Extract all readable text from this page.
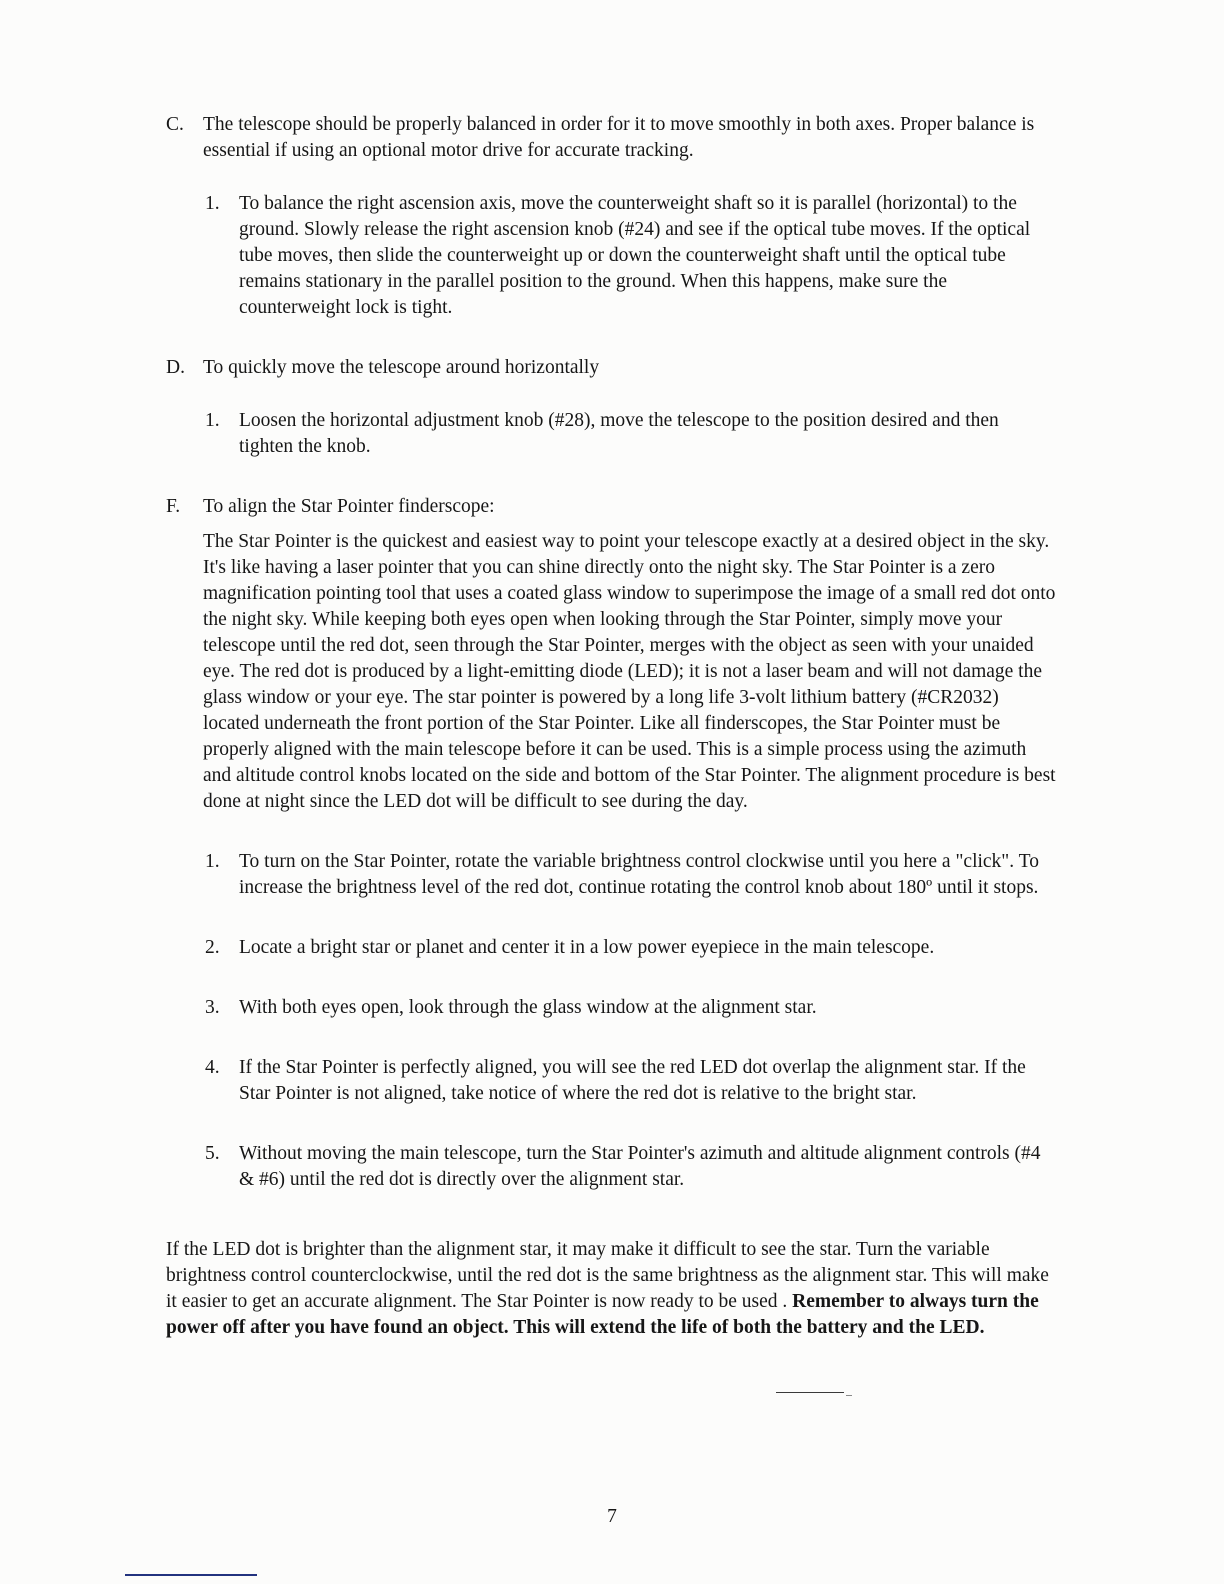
C. The telescope should be properly balanced in order for it to move smoothly in both axes. Proper balance is essential if using an optional motor drive for accurate tracking.
1. To balance the right ascension axis, move the counterweight shaft so it is parallel (horizontal) to the ground. Slowly release the right ascension knob (#24) and see if the optical tube moves. If the optical tube moves, then slide the counterweight up or down the counterweight shaft until the optical tube remains stationary in the parallel position to the ground. When this happens, make sure the counterweight lock is tight.
D. To quickly move the telescope around horizontally
1. Loosen the horizontal adjustment knob (#28), move the telescope to the position desired and then tighten the knob.
F.	To align the Star Pointer finderscope:

The Star Pointer is the quickest and easiest way to point your telescope exactly at a desired object in the sky. It's like having a laser pointer that you can shine directly onto the night sky. The Star Pointer is a zero magnification pointing tool that uses a coated glass window to superimpose the image of a small red dot onto the night sky. While keeping both eyes open when looking through the Star Pointer, simply move your telescope until the red dot, seen through the Star Pointer, merges with the object as seen with your unaided eye. The red dot is produced by a light-emitting diode (LED); it is not a laser beam and will not damage the glass window or your eye. The star pointer is powered by a long life 3-volt lithium battery (#CR2032) located underneath the front portion of the Star Pointer. Like all finderscopes, the Star Pointer must be properly aligned with the main telescope before it can be used. This is a simple process using the azimuth and altitude control knobs located on the side and bottom of the Star Pointer. The alignment procedure is best done at night since the LED dot will be difficult to see during the day.

1. To turn on the Star Pointer, rotate the variable brightness control clockwise until you here a "click". To increase the brightness level of the red dot, continue rotating the control knob about 180º until it stops.
2. Locate a bright star or planet and center it in a low power eyepiece in the main telescope.
3. With both eyes open, look through the glass window at the alignment star.
4. If the Star Pointer is perfectly aligned, you will see the red LED dot overlap the alignment star. If the Star Pointer is not aligned, take notice of where the red dot is relative to the bright star.
5. Without moving the main telescope, turn the Star Pointer's azimuth and altitude alignment controls (#4 & #6) until the red dot is directly over the alignment star.

If the LED dot is brighter than the alignment star, it may make it difficult to see the star. Turn the variable brightness control counterclockwise, until the red dot is the same brightness as the alignment star. This will make it easier to get an accurate alignment. The Star Pointer is now ready to be used . Remember to always turn the power off after you have found an object. This will extend the life of both the battery and the LED.

7
